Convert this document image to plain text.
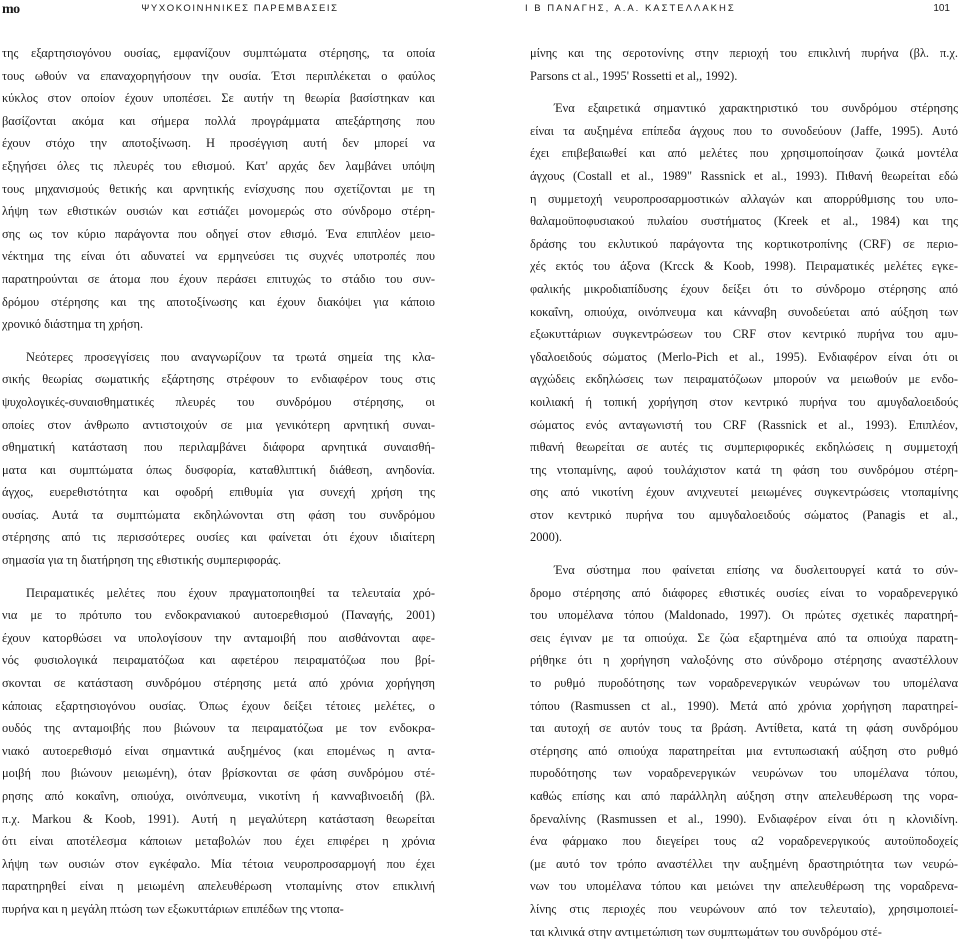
mo	ΨΥΧΟΚΟΙΝΗΝΙΚΕΣ ΠΑΡΕΜΒΑΣΕΙΣ	Ι Β ΠΑΝΑΓΗΣ, Α.Α. ΚΑΣΤΕΛΛΑΚΗΣ	101
της εξαρτησιογόνου ουσίας, εμφανίζουν συμπτώματα στέρησης, τα οποία
τους ωθούν να επαναχορηγήσουν την ουσία. Έτσι περιπλέκεται ο φαύλος
κύκλος στον οποίον έχουν υποπέσει. Σε αυτήν τη θεωρία βασίστηκαν και
βασίζονται ακόμα και σήμερα πολλά προγράμματα απεξάρτησης που
έχουν στόχο την αποτοξίνωση. Η προσέγγιση αυτή δεν μπορεί να
εξηγήσει όλες τις πλευρές του εθισμού. Κατ' αρχάς δεν λαμβάνει υπόψη
τους μηχανισμούς θετικής και αρνητικής ενίσχυσης που σχετίζονται με τη
λήψη των εθιστικών ουσιών και εστιάζει μονομερώς στο σύνδρομο στέρη-
σης ως τον κύριο παράγοντα που οδηγεί στον εθισμό. Ένα επιπλέον μειο-
νέκτημα της είναι ότι αδυνατεί να ερμηνεύσει τις συχνές υποτροπές που
παρατηρούνται σε άτομα που έχουν περάσει επιτυχώς το στάδιο του συν-
δρόμου στέρησης και της αποτοξίνωσης και έχουν διακόψει για κάποιο
χρονικό διάστημα τη χρήση.
Νεότερες προσεγγίσεις που αναγνωρίζουν τα τρωτά σημεία της κλα-
σικής θεωρίας σωματικής εξάρτησης στρέφουν το ενδιαφέρον τους στις
ψυχολογικές-συναισθηματικές πλευρές του συνδρόμου στέρησης, οι
οποίες στον άνθρωπο αντιστοιχούν σε μια γενικότερη αρνητική συναι-
σθηματική κατάσταση που περιλαμβάνει διάφορα αρνητικά συναισθή-
ματα και συμπτώματα όπως δυσφορία, καταθλιπτική διάθεση, ανηδονία.
άγχος, ευερεθιστότητα και οφοδρή επιθυμία για συνεχή χρήση της
ουσίας. Αυτά τα συμπτώματα εκδηλώνονται στη φάση του συνδρόμου
στέρησης από τις περισσότερες ουσίες και φαίνεται ότι έχουν ιδιαίτερη
σημασία για τη διατήρηση της εθιστικής συμπεριφοράς.
Πειραματικές μελέτες που έχουν πραγματοποιηθεί τα τελευταία χρό-
νια με το πρότυπο του ενδοκρανιακού αυτοερεθισμού (Παναγής, 2001)
έχουν κατορθώσει να υπολογίσουν την ανταμοιβή που αισθάνονται αφε-
νός φυσιολογικά πειραματόζωα και αφετέρου πειραματόζωα που βρί-
σκονται σε κατάσταση συνδρόμου στέρησης μετά από χρόνια χορήγηση
κάποιας εξαρτησιογόνου ουσίας. Όπως έχουν δείξει τέτοιες μελέτες, ο
ουδός της ανταμοιβής που βιώνουν τα πειραματόζωα με τον ενδοκρα-
νιακό αυτοερεθισμό είναι σημαντικά αυξημένος (και επομένως η αντα-
μοιβή που βιώνουν μειωμένη), όταν βρίσκονται σε φάση συνδρόμου στέ-
ρησης από κοκαΐνη, οπιούχα, οινόπνευμα, νικοτίνη ή κανναβινοειδή (βλ.
π.χ. Markou & Koob, 1991). Αυτή η μεγαλύτερη κατάσταση θεωρείται
ότι είναι αποτέλεσμα κάποιων μεταβολών που έχει επιφέρει η χρόνια
λήψη των ουσιών στον εγκέφαλο. Μία τέτοια νευροπροσαρμογή που έχει
παρατηρηθεί είναι η μειωμένη απελευθέρωση ντοπαμίνης στον επικλινή
πυρήνα και η μεγάλη πτώση των εξωκυττάριων επιπέδων της ντοπα-
μίνης και της σεροτονίνης στην περιοχή του επικλινή πυρήνα (βλ. π.χ.
Parsons ct al., 1995' Rossetti et al,, 1992).
Ένα εξαιρετικά σημαντικό χαρακτηριστικό του συνδρόμου στέρησης
είναι τα αυξημένα επίπεδα άγχους που το συνοδεύουν (Jaffe, 1995). Αυτό
έχει επιβεβαιωθεί και από μελέτες που χρησιμοποίησαν ζωικά μοντέλα
άγχους (Costall et al., 1989" Rassnick et al., 1993). Πιθανή θεωρείται εδώ
η συμμετοχή νευροπροσαρμοστικών αλλαγών και απορρύθμισης του υπο-
θαλαμοϋποφυσιακού πυλαίου συστήματος (Kreek et al., 1984) και της
δράσης του εκλυτικού παράγοντα της κορτικοτροπίνης (CRF) σε περιο-
χές εκτός του άξονα (Krcck & Koob, 1998). Πειραματικές μελέτες εγκε-
φαλικής μικροδιαπίδυσης έχουν δείξει ότι το σύνδρομο στέρησης από
κοκαΐνη, οπιούχα, οινόπνευμα και κάνναβη συνοδεύεται από αύξηση των
εξωκυττάριων συγκεντρώσεων του CRF στον κεντρικό πυρήνα του αμυ-
γδαλοειδούς σώματος (Merlo-Pich et al., 1995). Ενδιαφέρον είναι ότι οι
αγχώδεις εκδηλώσεις των πειραματόζωων μπορούν να μειωθούν με ενδο-
κοιλιακή ή τοπική χορήγηση στον κεντρικό πυρήνα του αμυγδαλοειδούς
σώματος ενός ανταγωνιστή του CRF (Rassnick et al., 1993). Επιπλέον,
πιθανή θεωρείται σε αυτές τις συμπεριφορικές εκδηλώσεις η συμμετοχή
της ντοπαμίνης, αφού τουλάχιστον κατά τη φάση του συνδρόμου στέρη-
σης από νικοτίνη έχουν ανιχνευτεί μειωμένες συγκεντρώσεις ντοπαμίνης
στον κεντρικό πυρήνα του αμυγδαλοειδούς σώματος (Panagis et al.,
2000).
Ένα σύστημα που φαίνεται επίσης να δυσλειτουργεί κατά το σύν-
δρομο στέρησης από διάφορες εθιστικές ουσίες είναι το νοραδρενεργικό
του υπομέλανα τόπου (Maldonado, 1997). Οι πρώτες σχετικές παρατηρή-
σεις έγιναν με τα οπιούχα. Σε ζώα εξαρτημένα από τα οπιούχα παρατη-
ρήθηκε ότι η χορήγηση ναλοξόνης στο σύνδρομο στέρησης αναστέλλουν
το ρυθμό πυροδότησης των νοραδρενεργικών νευρώνων του υπομέλανα
τόπου (Rasmussen ct al., 1990). Μετά από χρόνια χορήγηση παρατηρεί-
ται αυτοχή σε αυτόν τους τα βράση. Αντίθετα, κατά τη φάση συνδρόμου
στέρησης από οπιούχα παρατηρείται μια εντυπωσιακή αύξηση στο ρυθμό
πυροδότησης των νοραδρενεργικών νευρώνων του υπομέλανα τόπου,
καθώς επίσης και από παράλληλη αύξηση στην απελευθέρωση της νορα-
δρεναλίνης (Rasmussen et al., 1990). Ενδιαφέρον είναι ότι η κλονιδίνη.
ένα φάρμακο που διεγείρει τους α2 νοραδρενεργικούς αυτοϋποδοχείς
(με αυτό τον τρόπο αναστέλλει την αυξημένη δραστηριότητα των νευρώ-
νων του υπομέλανα τόπου και μειώνει την απελευθέρωση της νοραδρενα-
λίνης στις περιοχές που νευρώνουν από τον τελευταίο), χρησιμοποιεί-
ται κλινικά στην αντιμετώπιση των συμπτωμάτων του συνδρόμου στέ-
